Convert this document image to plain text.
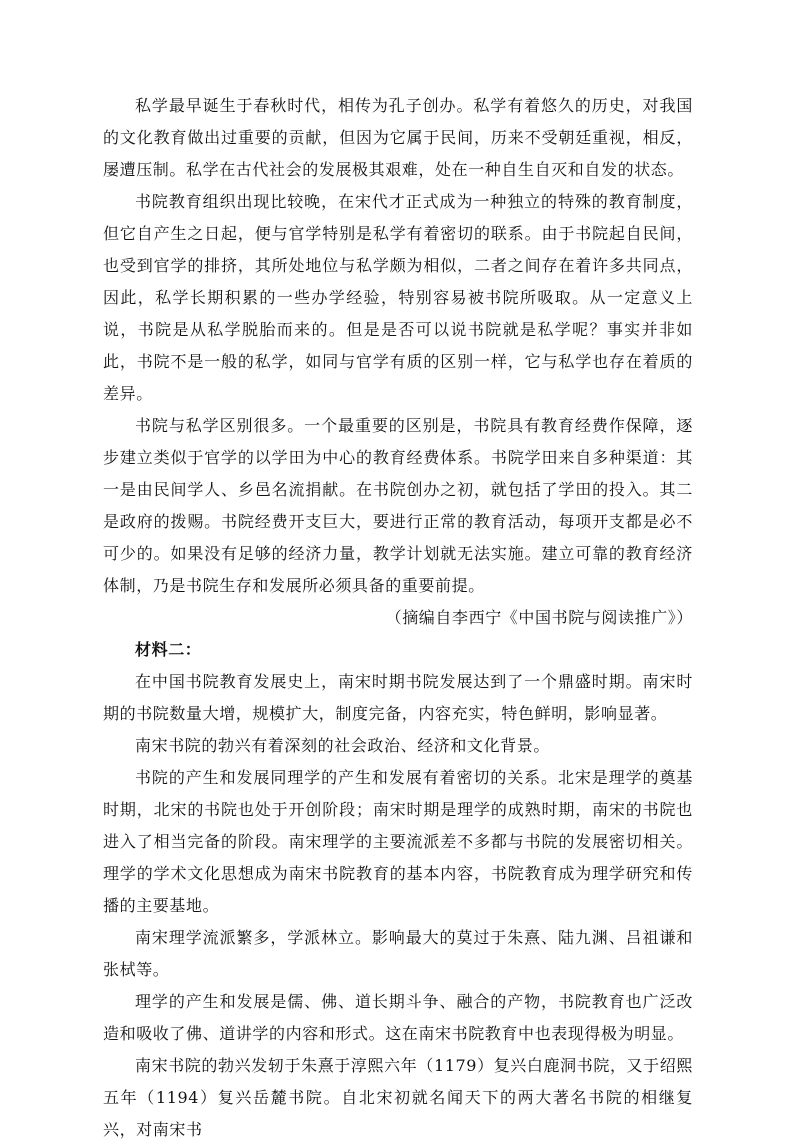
私学最早诞生于春秋时代，相传为孔子创办。私学有着悠久的历史，对我国的文化教育做出过重要的贡献，但因为它属于民间，历来不受朝廷重视，相反，屡遭压制。私学在古代社会的发展极其艰难，处在一种自生自灭和自发的状态。

书院教育组织出现比较晚，在宋代才正式成为一种独立的特殊的教育制度，但它自产生之日起，便与官学特别是私学有着密切的联系。由于书院起自民间，也受到官学的排挤，其所处地位与私学颇为相似，二者之间存在着许多共同点，因此，私学长期积累的一些办学经验，特别容易被书院所吸取。从一定意义上说，书院是从私学脱胎而来的。但是是否可以说书院就是私学呢？事实并非如此，书院不是一般的私学，如同与官学有质的区别一样，它与私学也存在着质的差异。

书院与私学区别很多。一个最重要的区别是，书院具有教育经费作保障，逐步建立类似于官学的以学田为中心的教育经费体系。书院学田来自多种渠道：其一是由民间学人、乡邑名流捐献。在书院创办之初，就包括了学田的投入。其二是政府的拨赐。书院经费开支巨大，要进行正常的教育活动，每项开支都是必不可少的。如果没有足够的经济力量，教学计划就无法实施。建立可靠的教育经济体制，乃是书院生存和发展所必须具备的重要前提。

（摘编自李西宁《中国书院与阅读推广》）

材料二：

在中国书院教育发展史上，南宋时期书院发展达到了一个鼎盛时期。南宋时期的书院数量大增，规模扩大，制度完备，内容充实，特色鲜明，影响显著。

南宋书院的勃兴有着深刻的社会政治、经济和文化背景。

书院的产生和发展同理学的产生和发展有着密切的关系。北宋是理学的奠基时期，北宋的书院也处于开创阶段；南宋时期是理学的成熟时期，南宋的书院也进入了相当完备的阶段。南宋理学的主要流派差不多都与书院的发展密切相关。理学的学术文化思想成为南宋书院教育的基本内容，书院教育成为理学研究和传播的主要基地。

南宋理学流派繁多，学派林立。影响最大的莫过于朱熹、陆九渊、吕祖谦和张栻等。

理学的产生和发展是儒、佛、道长期斗争、融合的产物，书院教育也广泛改造和吸收了佛、道讲学的内容和形式。这在南宋书院教育中也表现得极为明显。

南宋书院的勃兴发轫于朱熹于淳熙六年（1179）复兴白鹿洞书院，又于绍熙五年（1194）复兴岳麓书院。自北宋初就名闻天下的两大著名书院的相继复兴，对南宋书
